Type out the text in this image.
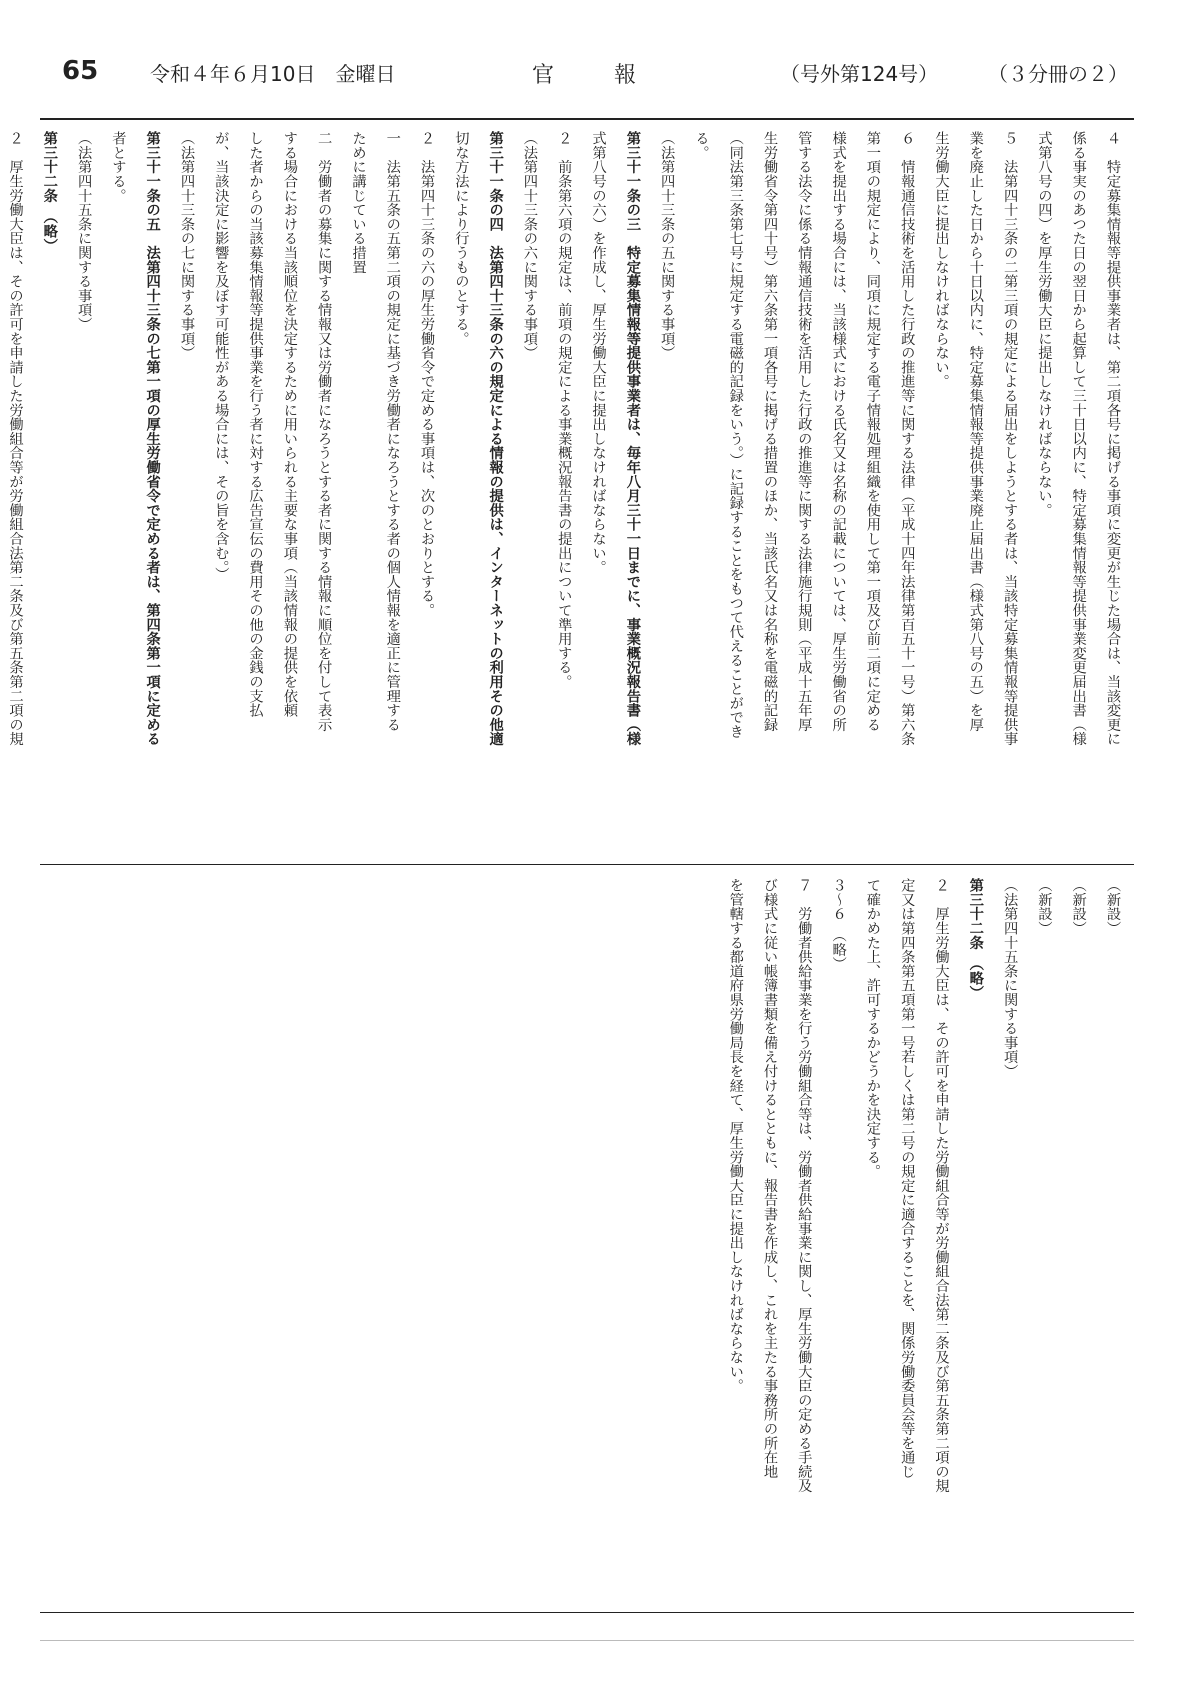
65	令和４年６月10日　金曜日	官報	（号外第124号） （３分冊の２）
４　特定募集情報等提供事業者は、第二項各号に掲げる事項に変更が生じた場合は、当該変更に
係る事実のあつた日の翌日から起算して三十日以内に、特定募集情報等提供事業変更届出書（様
式第八号の四）を厚生労働大臣に提出しなければならない。
５　法第四十三条の二第三項の規定による届出をしようとする者は、当該特定募集情報等提供事
業を廃止した日から十日以内に、特定募集情報等提供事業廃止届出書（様式第八号の五）を厚
生労働大臣に提出しなければならない。
６　情報通信技術を活用した行政の推進等に関する法律（平成十四年法律第百五十一号）第六条
第一項の規定により、同項に規定する電子情報処理組織を使用して第一項及び前二項に定める
様式を提出する場合には、当該様式における氏名又は名称の記載については、厚生労働省の所
管する法令に係る情報通信技術を活用した行政の推進等に関する法律施行規則（平成十五年厚
生労働省令第四十号）第六条第一項各号に掲げる措置のほか、当該氏名又は名称を電磁的記録
（同法第三条第七号に規定する電磁的記録をいう。）に記録することをもつて代えることができ
る。
（法第四十三条の五に関する事項）
第三十一条の三　特定募集情報等提供事業者は、毎年八月三十一日までに、事業概況報告書（様
式第八号の六）を作成し、厚生労働大臣に提出しなければならない。
２　前条第六項の規定は、前項の規定による事業概況報告書の提出について準用する。
（法第四十三条の六に関する事項）
第三十一条の四　法第四十三条の六の規定による情報の提供は、インターネットの利用その他適
切な方法により行うものとする。
２　法第四十三条の六の厚生労働省令で定める事項は、次のとおりとする。
一　法第五条の五第二項の規定に基づき労働者になろうとする者の個人情報を適正に管理する
ために講じている措置
二　労働者の募集に関する情報又は労働者になろうとする者に関する情報に順位を付して表示
する場合における当該順位を決定するために用いられる主要な事項（当該情報の提供を依頼
した者からの当該募集情報等提供事業を行う者に対する広告宣伝の費用その他の金銭の支払
が、当該決定に影響を及ぼす可能性がある場合には、その旨を含む。）
（法第四十三条の七に関する事項）
第三十一条の五　法第四十三条の七第一項の厚生労働省令で定める者は、第四条第一項に定める
者とする。
（法第四十五条に関する事項）
第三十二条　（略）
２　厚生労働大臣は、その許可を申請した労働組合等が労働組合法第二条及び第五条第二項の規
（新設）
（新設）
（新設）
（法第四十五条に関する事項）
第三十二条　（略）
２　厚生労働大臣は、その許可を申請した労働組合等が労働組合法第二条及び第五条第二項の規
定又は第四条第五項第一号若しくは第二号の規定に適合することを、関係労働委員会等を通じ
て確かめた上、許可するかどうかを決定する。
３～６　（略）
７　労働者供給事業を行う労働組合等は、労働者供給事業に関し、厚生労働大臣の定める手続及
び様式に従い帳簿書類を備え付けるとともに、報告書を作成し、これを主たる事務所の所在地
を管轄する都道府県労働局長を経て、厚生労働大臣に提出しなければならない。
